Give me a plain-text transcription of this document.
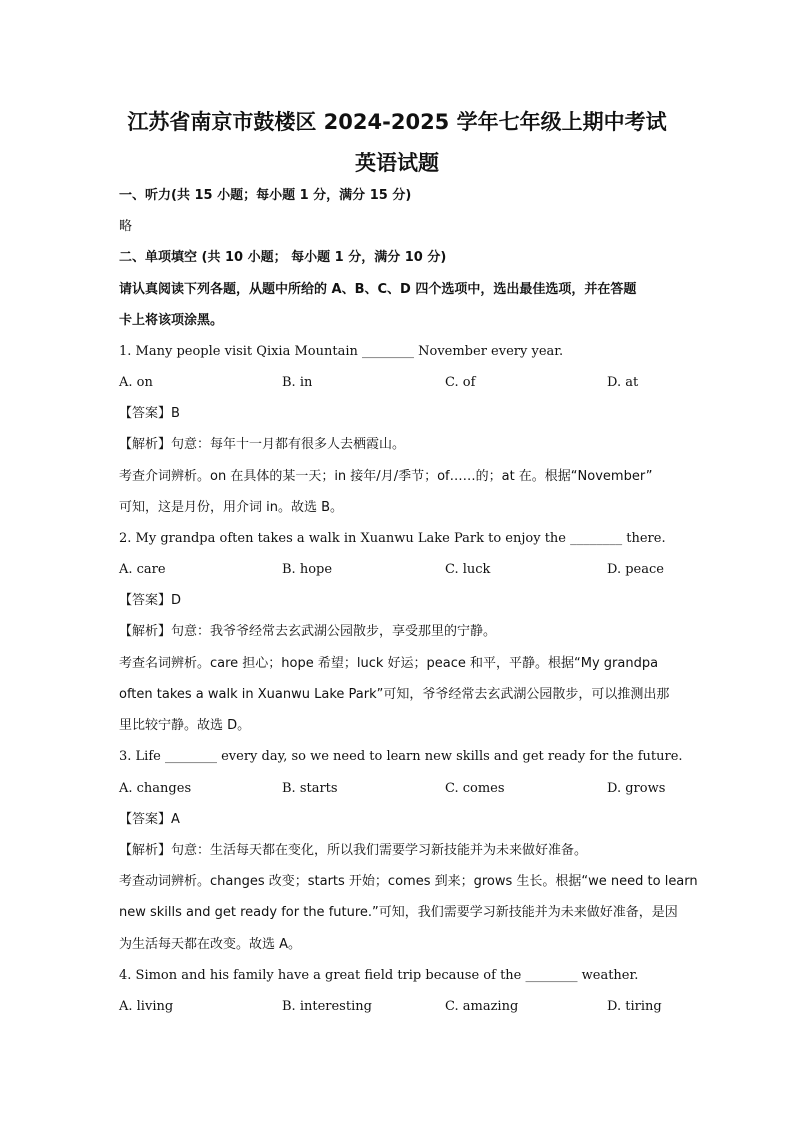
江苏省南京市鼓楼区 2024-2025 学年七年级上期中考试
英语试题
一、听力(共 15 小题；每小题 1 分，满分 15 分)
略
二、单项填空 (共 10 小题； 每小题 1 分，满分 10 分)
请认真阅读下列各题，从题中所给的 A、B、C、D 四个选项中，选出最佳选项，并在答题
卡上将该项涂黑。
1. Many people visit Qixia Mountain ________ November every year.
A. on	B. in	C. of	D. at
【答案】B
【解析】句意：每年十一月都有很多人去栖霞山。
考查介词辨析。on 在具体的某一天；in 接年/月/季节；of……的；at 在。根据“November”
可知，这是月份，用介词 in。故选 B。
2. My grandpa often takes a walk in Xuanwu Lake Park to enjoy the ________ there.
A. care	B. hope	C. luck	D. peace
【答案】D
【解析】句意：我爷爷经常去玄武湖公园散步，享受那里的宁静。
考查名词辨析。care 担心；hope 希望；luck 好运；peace 和平，平静。根据“My grandpa
often takes a walk in Xuanwu Lake Park”可知，爷爷经常去玄武湖公园散步，可以推测出那
里比较宁静。故选 D。
3. Life ________ every day, so we need to learn new skills and get ready for the future.
A. changes	B. starts	C. comes	D. grows
【答案】A
【解析】句意：生活每天都在变化，所以我们需要学习新技能并为未来做好准备。
考查动词辨析。changes 改变；starts 开始；comes 到来；grows 生长。根据“we need to learn
new skills and get ready for the future.”可知，我们需要学习新技能并为未来做好准备，是因
为生活每天都在改变。故选 A。
4. Simon and his family have a great field trip because of the ________ weather.
A. living	B. interesting	C. amazing	D. tiring
